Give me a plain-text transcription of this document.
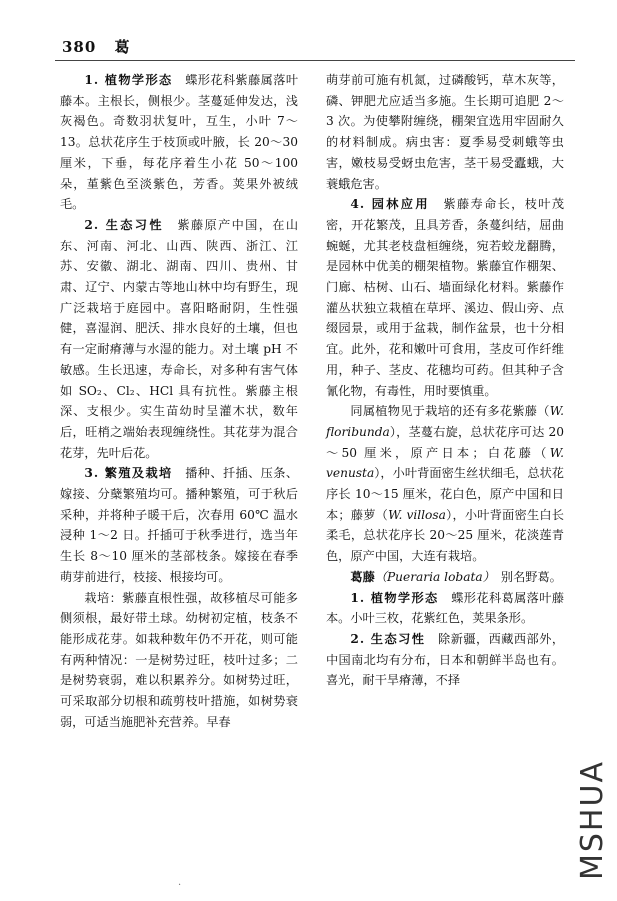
380 葛

1. 植物学形态　 蝶形花科紫藤属落叶藤本。主根长，侧根少。茎蔓延伸发达，浅灰褐色。奇数羽状复叶，互生，小叶 7～13。总状花序生于枝顶或叶腋，长 20～30 厘米，下垂，每花序着生小花 50～100 朵，堇紫色至淡紫色，芳香。荚果外被绒毛。

2. 生态习性　 紫藤原产中国，在山东、河南、河北、山西、陕西、浙江、江苏、安徽、湖北、湖南、四川、贵州、甘肃、辽宁、内蒙古等地山林中均有野生，现广泛栽培于庭园中。喜阳略耐阴，生性强健，喜湿润、肥沃、排水良好的土壤，但也有一定耐瘠薄与水湿的能力。对土壤 pH 不敏感。生长迅速，寿命长，对多种有害气体如 SO₂、Cl₂、HCl 具有抗性。紫藤主根深、支根少。实生苗幼时呈灌木状，数年后，旺梢之端始表现缠绕性。其花芽为混合花芽，先叶后花。

3. 繁殖及栽培　 播种、扦插、压条、嫁接、分蘖繁殖均可。播种繁殖，可于秋后采种，并将种子暖干后，次春用 60℃ 温水浸种 1～2 日。扦插可于秋季进行，选当年生长 8～10 厘米的茎部枝条。嫁接在春季萌芽前进行，枝接、根接均可。

栽培：紫藤直根性强，故移植尽可能多侧须根，最好带土球。幼树初定植，枝条不能形成花芽。如栽种数年仍不开花，则可能有两种情况：一是树势过旺，枝叶过多；二是树势衰弱，难以积累养分。如树势过旺，可采取部分切根和疏剪枝叶措施，如树势衰弱，可适当施肥补充营养。早春

萌芽前可施有机氮，过磷酸钙，草木灰等，磷、钾肥尤应适当多施。生长期可追肥 2～3 次。为使攀附缠绕，棚架宜选用牢固耐久的材料制成。病虫害：夏季易受刺蛾等虫害，嫩枝易受蚜虫危害，茎干易受蠹蛾，大蓑蛾危害。

4. 园林应用　 紫藤寿命长，枝叶茂密，开花繁茂，且具芳香，条蔓纠结，屈曲蜿蜒，尤其老枝盘桓缠绕，宛若蛟龙翻腾，是园林中优美的棚架植物。紫藤宜作棚架、门廊、枯树、山石、墙面绿化材料。紫藤作灌丛状独立栽植在草坪、溪边、假山旁、点缀园景，或用于盆栽，制作盆景，也十分相宜。此外，花和嫩叶可食用，茎皮可作纤维用，种子、茎皮、花穗均可药。但其种子含氰化物，有毒性，用时要慎重。

同属植物见于栽培的还有多花紫藤（W. floribunda），茎蔓右旋，总状花序可达 20～50 厘米，原产日本；白花藤（W. venusta），小叶背面密生丝状细毛，总状花序长 10～15 厘米，花白色，原产中国和日本；藤萝（W. villosa），小叶背面密生白长柔毛，总状花序长 20～25 厘米，花淡莲青色，原产中国，大连有栽培。

葛藤（Pueraria lobata）　 别名野葛。

1. 植物学形态　 蝶形花科葛属落叶藤本。小叶三枚，花紫红色，荚果条形。

2. 生态习性　 除新疆，西藏西部外，中国南北均有分布，日本和朝鲜半岛也有。喜光，耐干旱瘠薄，不择

·
MSHUA
